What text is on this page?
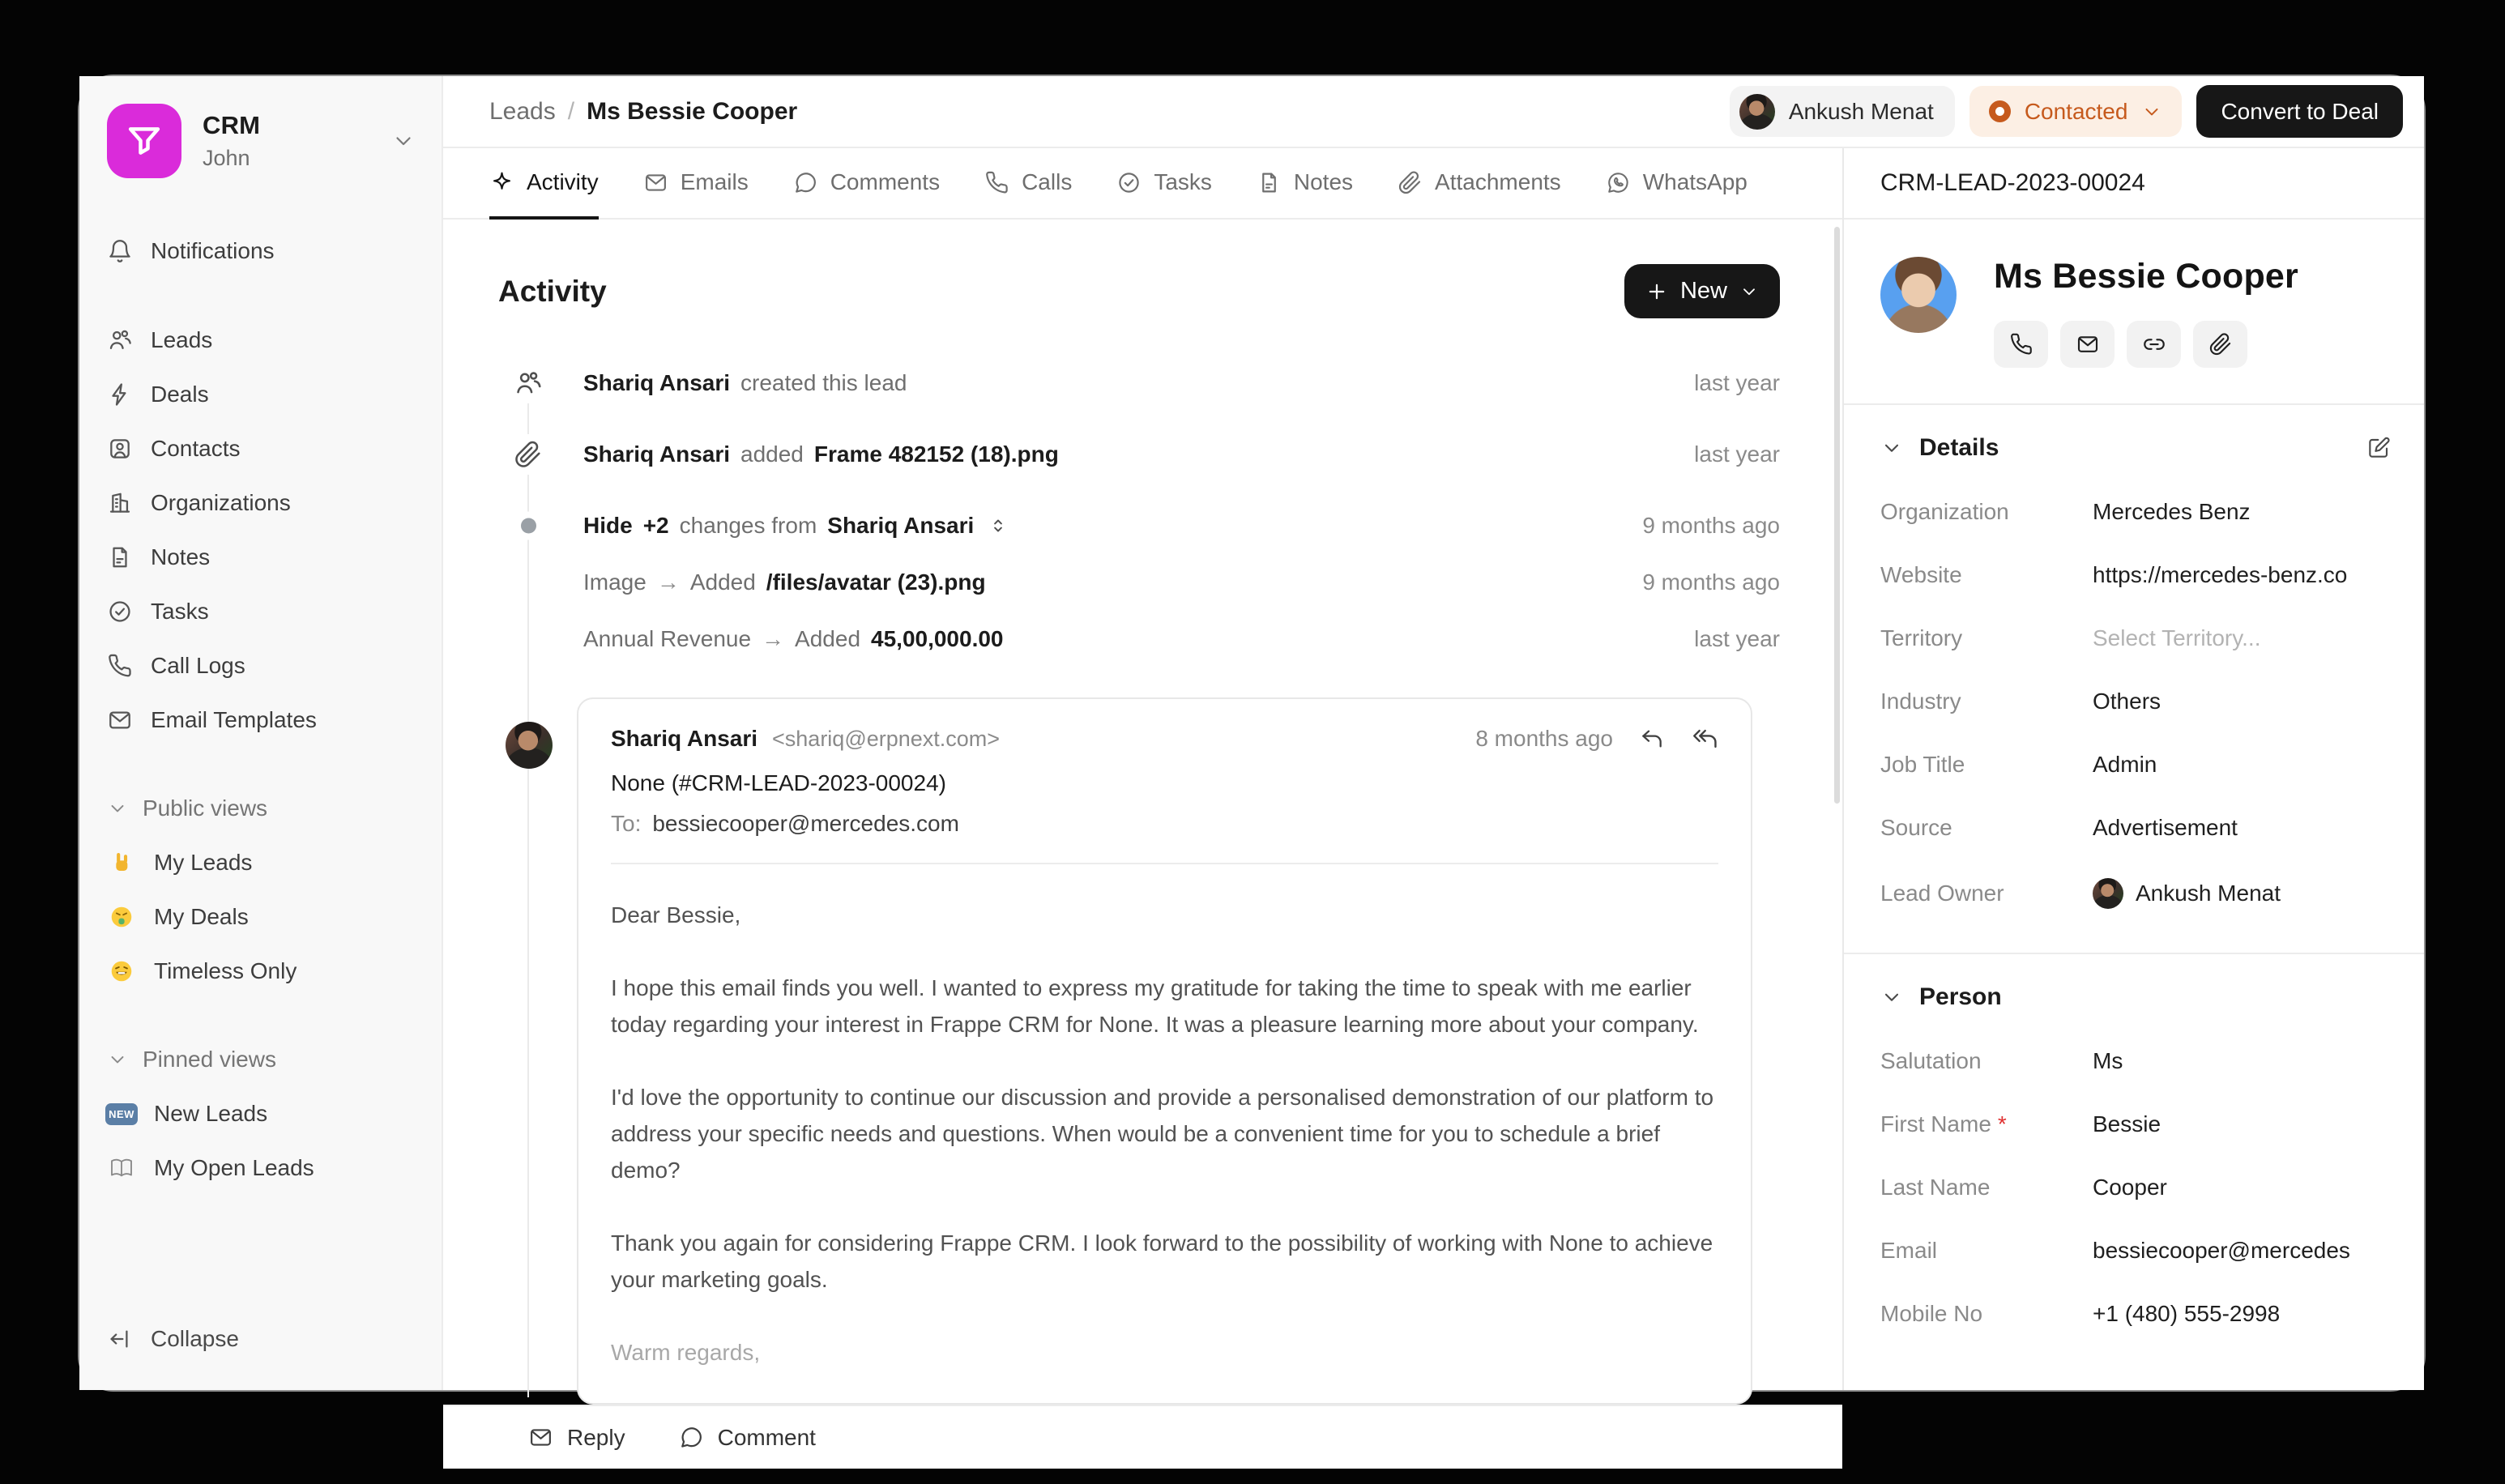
CRM
John
Notifications
Leads
Deals
Contacts
Organizations
Notes
Tasks
Call Logs
Email Templates
Public views
My Leads
My Deals
Timeless Only
Pinned views
NEW New Leads
My Open Leads
Collapse
Leads / Ms Bessie Cooper	Ankush Menat	Contacted	Convert to Deal
Activity	Emails	Comments	Calls	Tasks	Notes	Attachments	WhatsApp
Activity	New
Shariq Ansari created this lead	last year
Shariq Ansari added Frame 482152 (18).png	last year
Hide +2 changes from Shariq Ansari	9 months ago
Image → Added /files/avatar (23).png	9 months ago
Annual Revenue → Added 45,00,000.00	last year
Shariq Ansari <shariq@erpnext.com>	8 months ago
None (#CRM-LEAD-2023-00024)
To: bessiecooper@mercedes.com

Dear Bessie,

I hope this email finds you well. I wanted to express my gratitude for taking the time to speak with me earlier today regarding your interest in Frappe CRM for None. It was a pleasure learning more about your company.

I'd love the opportunity to continue our discussion and provide a personalised demonstration of our platform to address your specific needs and questions. When would be a convenient time for you to schedule a brief demo?

Thank you again for considering Frappe CRM. I look forward to the possibility of working with None to achieve your marketing goals.

Warm regards,

Reply	Comment
CRM-LEAD-2023-00024
Ms Bessie Cooper
Details
Organization	Mercedes Benz
Website	https://mercedes-benz.co
Territory	Select Territory...
Industry	Others
Job Title	Admin
Source	Advertisement
Lead Owner	Ankush Menat
Person
Salutation	Ms
First Name *	Bessie
Last Name	Cooper
Email	bessiecooper@mercedes
Mobile No	+1 (480) 555-2998
